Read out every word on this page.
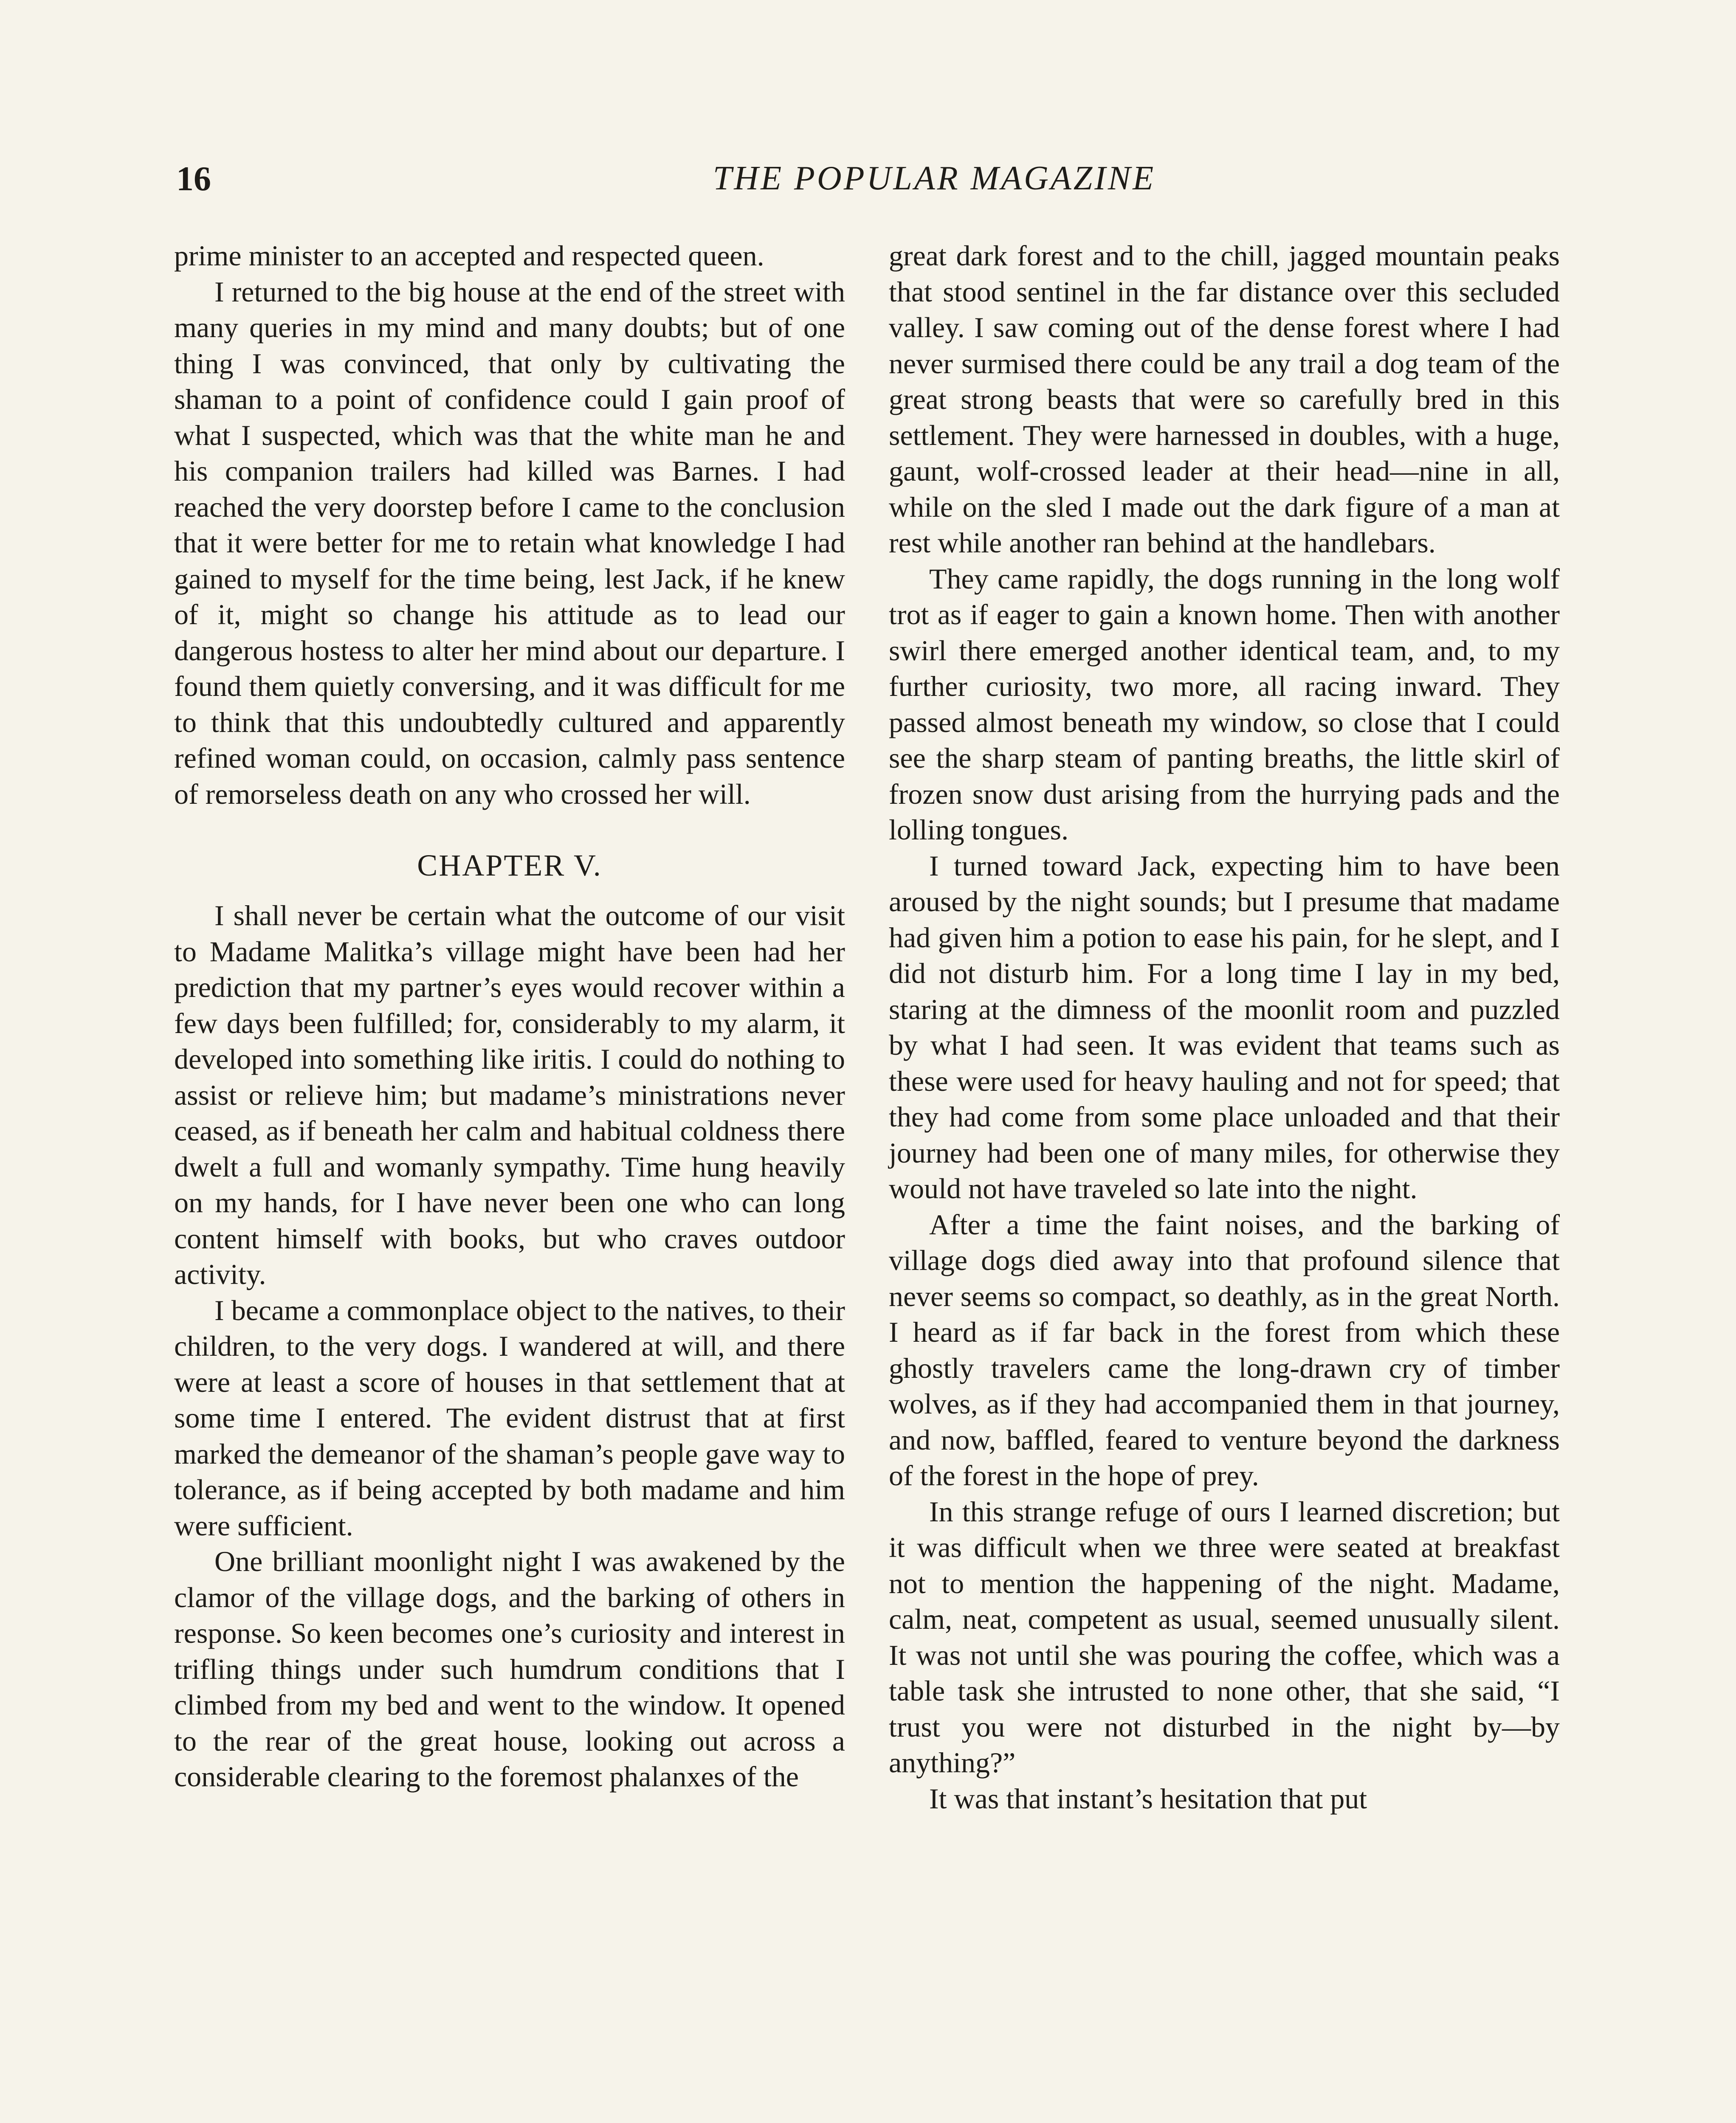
16	THE POPULAR MAGAZINE

prime minister to an accepted and respected queen.

I returned to the big house at the end of the street with many queries in my mind and many doubts; but of one thing I was convinced, that only by cultivating the shaman to a point of confidence could I gain proof of what I suspected, which was that the white man he and his companion trailers had killed was Barnes. I had reached the very doorstep before I came to the conclusion that it were better for me to retain what knowledge I had gained to myself for the time being, lest Jack, if he knew of it, might so change his attitude as to lead our dangerous hostess to alter her mind about our departure. I found them quietly conversing, and it was difficult for me to think that this undoubtedly cultured and apparently refined woman could, on occasion, calmly pass sentence of remorseless death on any who crossed her will.

CHAPTER V.

I shall never be certain what the outcome of our visit to Madame Malitka’s village might have been had her prediction that my partner’s eyes would recover within a few days been fulfilled; for, considerably to my alarm, it developed into something like iritis. I could do nothing to assist or relieve him; but madame’s ministrations never ceased, as if beneath her calm and habitual coldness there dwelt a full and womanly sympathy. Time hung heavily on my hands, for I have never been one who can long content himself with books, but who craves outdoor activity.

I became a commonplace object to the natives, to their children, to the very dogs. I wandered at will, and there were at least a score of houses in that settlement that at some time I entered. The evident distrust that at first marked the demeanor of the shaman’s people gave way to tolerance, as if being accepted by both madame and him were sufficient.

One brilliant moonlight night I was awakened by the clamor of the village dogs, and the barking of others in response. So keen becomes one’s curiosity and interest in trifling things under such humdrum conditions that I climbed from my bed and went to the window. It opened to the rear of the great house, looking out across a considerable clearing to the foremost phalanxes of the

great dark forest and to the chill, jagged mountain peaks that stood sentinel in the far distance over this secluded valley. I saw coming out of the dense forest where I had never surmised there could be any trail a dog team of the great strong beasts that were so carefully bred in this settlement. They were harnessed in doubles, with a huge, gaunt, wolf-crossed leader at their head—nine in all, while on the sled I made out the dark figure of a man at rest while another ran behind at the handlebars.

They came rapidly, the dogs running in the long wolf trot as if eager to gain a known home. Then with another swirl there emerged another identical team, and, to my further curiosity, two more, all racing inward. They passed almost beneath my window, so close that I could see the sharp steam of panting breaths, the little skirl of frozen snow dust arising from the hurrying pads and the lolling tongues.

I turned toward Jack, expecting him to have been aroused by the night sounds; but I presume that madame had given him a potion to ease his pain, for he slept, and I did not disturb him. For a long time I lay in my bed, staring at the dimness of the moonlit room and puzzled by what I had seen. It was evident that teams such as these were used for heavy hauling and not for speed; that they had come from some place unloaded and that their journey had been one of many miles, for otherwise they would not have traveled so late into the night.

After a time the faint noises, and the barking of village dogs died away into that profound silence that never seems so compact, so deathly, as in the great North. I heard as if far back in the forest from which these ghostly travelers came the long-drawn cry of timber wolves, as if they had accompanied them in that journey, and now, baffled, feared to venture beyond the darkness of the forest in the hope of prey.

In this strange refuge of ours I learned discretion; but it was difficult when we three were seated at breakfast not to mention the happening of the night. Madame, calm, neat, competent as usual, seemed unusually silent. It was not until she was pouring the coffee, which was a table task she intrusted to none other, that she said, “I trust you were not disturbed in the night by—by anything?”

It was that instant’s hesitation that put
